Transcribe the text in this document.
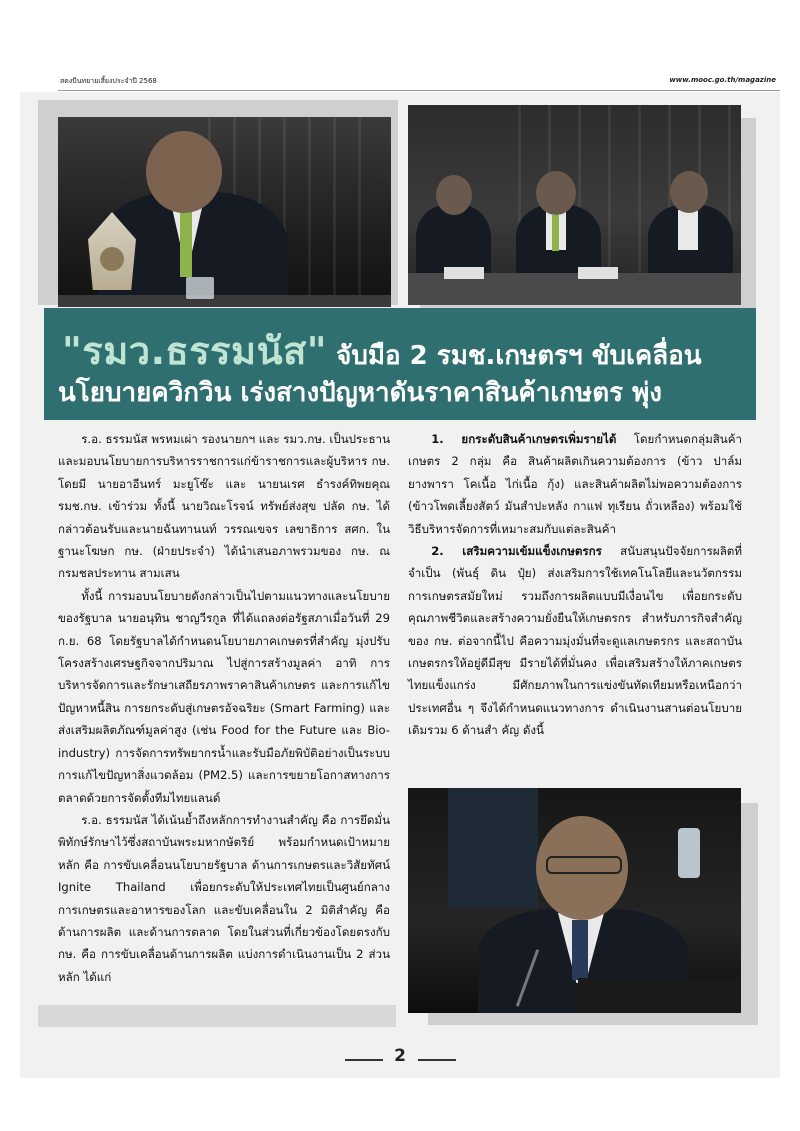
สดงบีนทยายเสี้ยงประจำปี 2568	www.mooc.go.th/magazine
"รมว.ธรรมนัส" จับมือ 2 รมช.เกษตรฯ ขับเคลื่อน
นโยบายควิกวิน เร่งสางปัญหาดันราคาสินค้าเกษตร พุ่ง

ร.อ. ธรรมนัส พรหมเผ่า รองนายกฯ และ รมว.กษ. เป็นประธานและมอบนโยบายการบริหารราชการแก่ข้าราชการและผู้บริหาร กษ. โดยมี นายอาอีนทร์ มะยูโซ๊ะ และ นายนเรศ ธำรงค์ทิพยคุณ รมช.กษ. เข้าร่วม ทั้งนี้ นายวิณะโรจน์ ทรัพย์ส่งสุข ปลัด กษ. ได้กล่าวต้อนรับและนายฉันทานนท์ วรรณเขจร เลขาธิการ สศก. ในฐานะโฆษก กษ. (ฝ่ายประจำ) ได้นำเสนอภาพรวมของ กษ. ณ กรมชลประทาน สามเสน

ทั้งนี้ การมอบนโยบายดังกล่าวเป็นไปตามแนวทางและนโยบายของรัฐบาล นายอนุทิน ชาญวีรกูล ที่ได้แถลงต่อรัฐสภาเมื่อวันที่ 29 ก.ย. 68 โดยรัฐบาลได้กำหนดนโยบายภาคเกษตรที่สำคัญ มุ่งปรับโครงสร้างเศรษฐกิจจากปริมาณ ไปสู่การสร้างมูลค่า อาทิ การบริหารจัดการและรักษาเสถียรภาพราคาสินค้าเกษตร และการแก้ไขปัญหาหนี้สิน การยกระดับสู่เกษตรอัจฉริยะ (Smart Farming) และส่งเสริมผลิตภัณฑ์มูลค่าสูง (เช่น Food for the Future และ Bio-industry) การจัดการทรัพยากรน้ำและรับมือภัยพิบัติอย่างเป็นระบบ การแก้ไขปัญหาสิ่งแวดล้อม (PM2.5) และการขยายโอกาสทางการตลาดด้วยการจัดตั้งทีมไทยแลนด์

ร.อ. ธรรมนัส ได้เน้นย้ำถึงหลักการทำงานสำคัญ คือ การยึดมั่นพิทักษ์รักษาไว้ซึ่งสถาบันพระมหากษัตริย์ พร้อมกำหนดเป้าหมายหลัก คือ การขับเคลื่อนนโยบายรัฐบาล ด้านการเกษตรและวิสัยทัศน์ Ignite Thailand เพื่อยกระดับให้ประเทศไทยเป็นศูนย์กลางการเกษตรและอาหารของโลก และขับเคลื่อนใน 2 มิติสำคัญ คือ ด้านการผลิต และด้านการตลาด โดยในส่วนที่เกี่ยวข้องโดยตรงกับ กษ. คือ การขับเคลื่อนด้านการผลิต แบ่งการดำเนินงานเป็น 2 ส่วนหลัก ได้แก่

1. ยกระดับสินค้าเกษตรเพิ่มรายได้ โดยกำหนดกลุ่มสินค้าเกษตร 2 กลุ่ม คือ สินค้าผลิตเกินความต้องการ (ข้าว ปาล์ม ยางพารา โคเนื้อ ไก่เนื้อ กุ้ง) และสินค้าผลิตไม่พอความต้องการ (ข้าวโพดเลี้ยงสัตว์ มันสำปะหลัง กาแฟ ทุเรียน ถั่วเหลือง) พร้อมใช้วิธีบริหารจัดการที่เหมาะสมกับแต่ละสินค้า

2. เสริมความเข้มแข็งเกษตรกร สนับสนุนปัจจัยการผลิตที่จำเป็น (พันธุ์ ดิน ปุ๋ย) ส่งเสริมการใช้เทคโนโลยีและนวัตกรรมการเกษตรสมัยใหม่ รวมถึงการผลิตแบบมีเงื่อนไข เพื่อยกระดับคุณภาพชีวิตและสร้างความยั่งยืนให้เกษตรกร สำหรับภารกิจสำคัญของ กษ. ต่อจากนี้ไป คือความมุ่งมั่นที่จะดูแลเกษตรกร และสถาบันเกษตรกรให้อยู่ดีมีสุข มีรายได้ที่มั่นคง เพื่อเสริมสร้างให้ภาคเกษตรไทยแข็งแกร่ง มีศักยภาพในการแข่งขันทัดเทียมหรือเหนือกว่าประเทศอื่น ๆ จึงได้กำหนดแนวทางการ ดำเนินงานสานต่อนโยบายเดิมรวม 6 ด้านสำ คัญ ดังนี้

2
